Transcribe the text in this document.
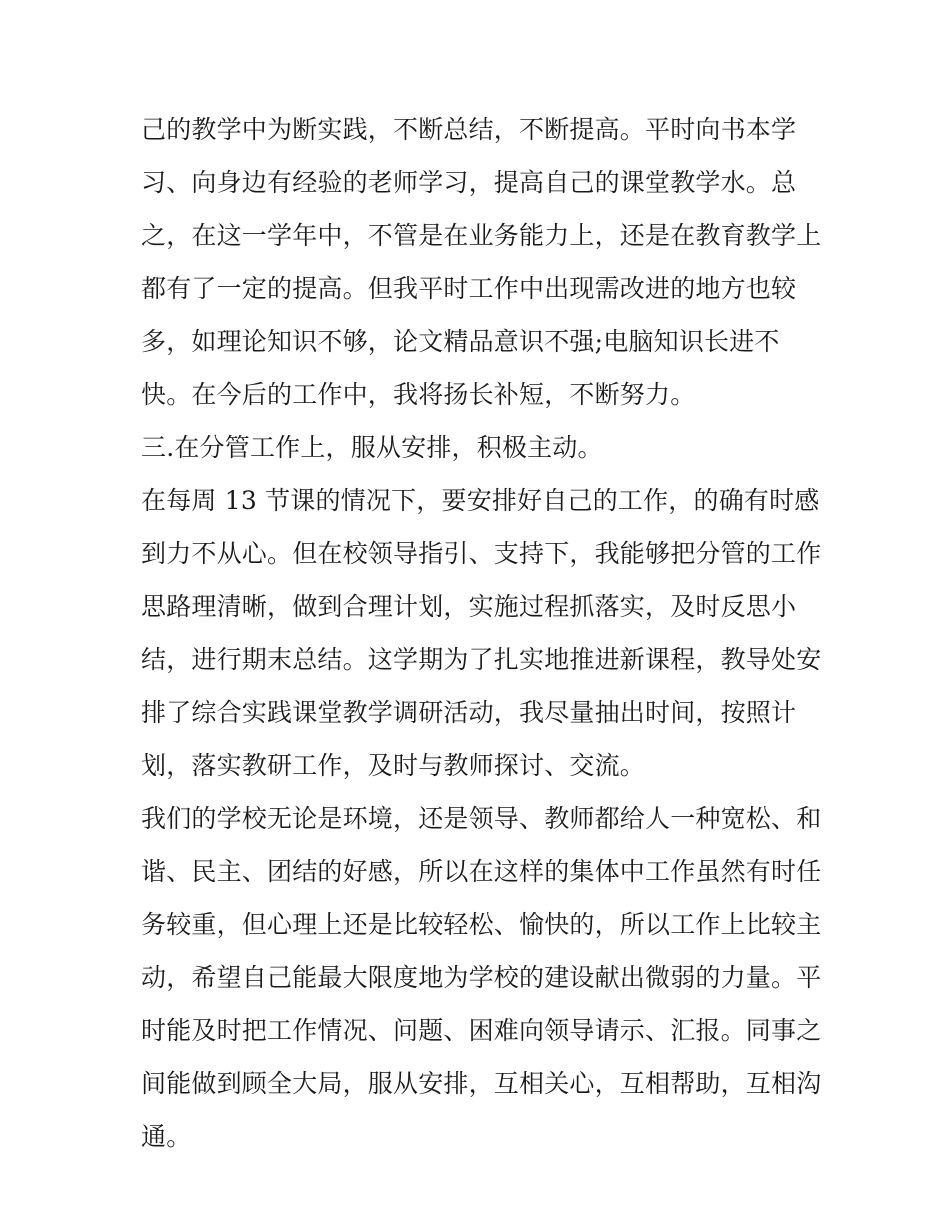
己的教学中为断实践，不断总结，不断提高。平时向书本学
习、向身边有经验的老师学习，提高自己的课堂教学水。总
之，在这一学年中，不管是在业务能力上，还是在教育教学上
都有了一定的提高。但我平时工作中出现需改进的地方也较
多，如理论知识不够，论文精品意识不强;电脑知识长进不
快。在今后的工作中，我将扬长补短，不断努力。
三.在分管工作上，服从安排，积极主动。
在每周 13 节课的情况下，要安排好自己的工作，的确有时感
到力不从心。但在校领导指引、支持下，我能够把分管的工作
思路理清晰，做到合理计划，实施过程抓落实，及时反思小
结，进行期末总结。这学期为了扎实地推进新课程，教导处安
排了综合实践课堂教学调研活动，我尽量抽出时间，按照计
划，落实教研工作，及时与教师探讨、交流。
我们的学校无论是环境，还是领导、教师都给人一种宽松、和
谐、民主、团结的好感，所以在这样的集体中工作虽然有时任
务较重，但心理上还是比较轻松、愉快的，所以工作上比较主
动，希望自己能最大限度地为学校的建设献出微弱的力量。平
时能及时把工作情况、问题、困难向领导请示、汇报。同事之
间能做到顾全大局，服从安排，互相关心，互相帮助，互相沟
通。
